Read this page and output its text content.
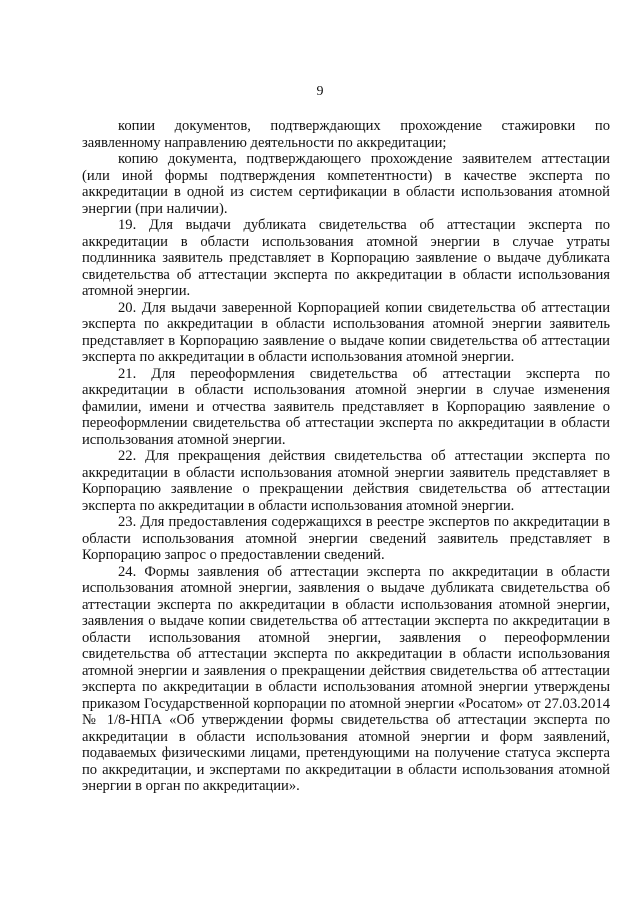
9

копии документов, подтверждающих прохождение стажировки по заявленному направлению деятельности по аккредитации;

копию документа, подтверждающего прохождение заявителем аттестации (или иной формы подтверждения компетентности) в качестве эксперта по аккредитации в одной из систем сертификации в области использования атомной энергии (при наличии).

19. Для выдачи дубликата свидетельства об аттестации эксперта по аккредитации в области использования атомной энергии в случае утраты подлинника заявитель представляет в Корпорацию заявление о выдаче дубликата свидетельства об аттестации эксперта по аккредитации в области использования атомной энергии.

20. Для выдачи заверенной Корпорацией копии свидетельства об аттестации эксперта по аккредитации в области использования атомной энергии заявитель представляет в Корпорацию заявление о выдаче копии свидетельства об аттестации эксперта по аккредитации в области использования атомной энергии.

21. Для переоформления свидетельства об аттестации эксперта по аккредитации в области использования атомной энергии в случае изменения фамилии, имени и отчества заявитель представляет в Корпорацию заявление о переоформлении свидетельства об аттестации эксперта по аккредитации в области использования атомной энергии.

22. Для прекращения действия свидетельства об аттестации эксперта по аккредитации в области использования атомной энергии заявитель представляет в Корпорацию заявление о прекращении действия свидетельства об аттестации эксперта по аккредитации в области использования атомной энергии.

23. Для предоставления содержащихся в реестре экспертов по аккредитации в области использования атомной энергии сведений заявитель представляет в Корпорацию запрос о предоставлении сведений.

24. Формы заявления об аттестации эксперта по аккредитации в области использования атомной энергии, заявления о выдаче дубликата свидетельства об аттестации эксперта по аккредитации в области использования атомной энергии, заявления о выдаче копии свидетельства об аттестации эксперта по аккредитации в области использования атомной энергии, заявления о переоформлении свидетельства об аттестации эксперта по аккредитации в области использования атомной энергии и заявления о прекращении действия свидетельства об аттестации эксперта по аккредитации в области использования атомной энергии утверждены приказом Государственной корпорации по атомной энергии «Росатом» от 27.03.2014 № 1/8-НПА «Об утверждении формы свидетельства об аттестации эксперта по аккредитации в области использования атомной энергии и форм заявлений, подаваемых физическими лицами, претендующими на получение статуса эксперта по аккредитации, и экспертами по аккредитации в области использования атомной энергии в орган по аккредитации».
